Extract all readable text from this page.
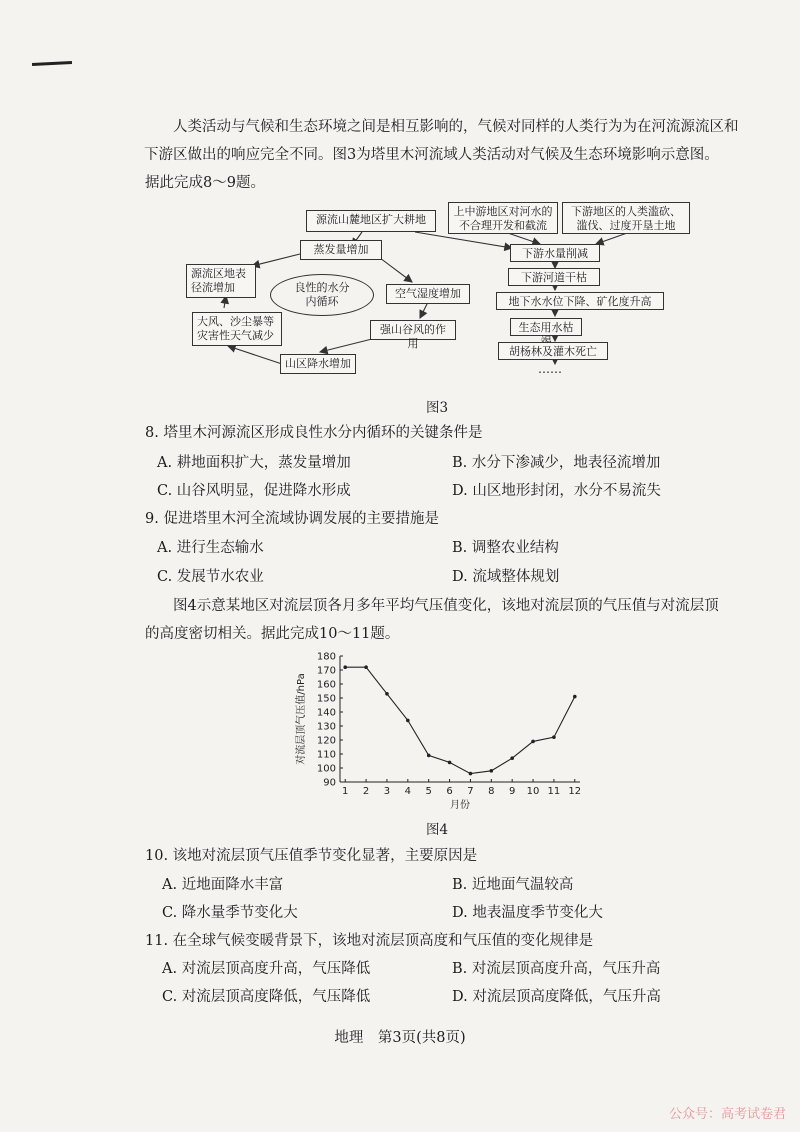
人类活动与气候和生态环境之间是相互影响的，气候对同样的人类行为为在河流源流区和
下游区做出的响应完全不同。图3为塔里木河流域人类活动对气候及生态环境影响示意图。
据此完成8～9题。
源流山麓地区扩大耕地
蒸发量增加
源流区地表径流增加	良性的水分内循环
空气湿度增加
大风、沙尘暴等灾害性天气减少	强山谷风的作用
山区降水增加
上中游地区对河水的不合理开发和截流
下游地区的人类滥砍、滥伐、过度开垦土地
下游水量削减
下游河道干枯
地下水水位下降、矿化度升高
生态用水枯
胡杨林及灌木死亡
……
图3
8. 塔里木河源流区形成良性水分内循环的关键条件是
A. 耕地面积扩大，蒸发量增加	B. 水分下渗减少，地表径流增加
C. 山谷风明显，促进降水形成	D. 山区地形封闭，水分不易流失
9. 促进塔里木河全流域协调发展的主要措施是
A. 进行生态输水	B. 调整农业结构
C. 发展节水农业	D. 流域整体规划
图4示意某地区对流层顶各月多年平均气压值变化，该地对流层顶的气压值与对流层顶
的高度密切相关。据此完成10～11题。
90
100
110
120
130
140
150
160
170
180
1 2 3 4 5 6 7 8 9 10 11 12
对流层顶气压值/hPa
月份
图4
10. 该地对流层顶气压值季节变化显著，主要原因是
A. 近地面降水丰富	B. 近地面气温较高
C. 降水量季节变化大	D. 地表温度季节变化大
11. 在全球气候变暖背景下，该地对流层顶高度和气压值的变化规律是
A. 对流层顶高度升高，气压降低	B. 对流层顶高度升高，气压升高
C. 对流层顶高度降低，气压降低	D. 对流层顶高度降低，气压升高
地理　第3页(共8页)
公众号：高考试卷君
